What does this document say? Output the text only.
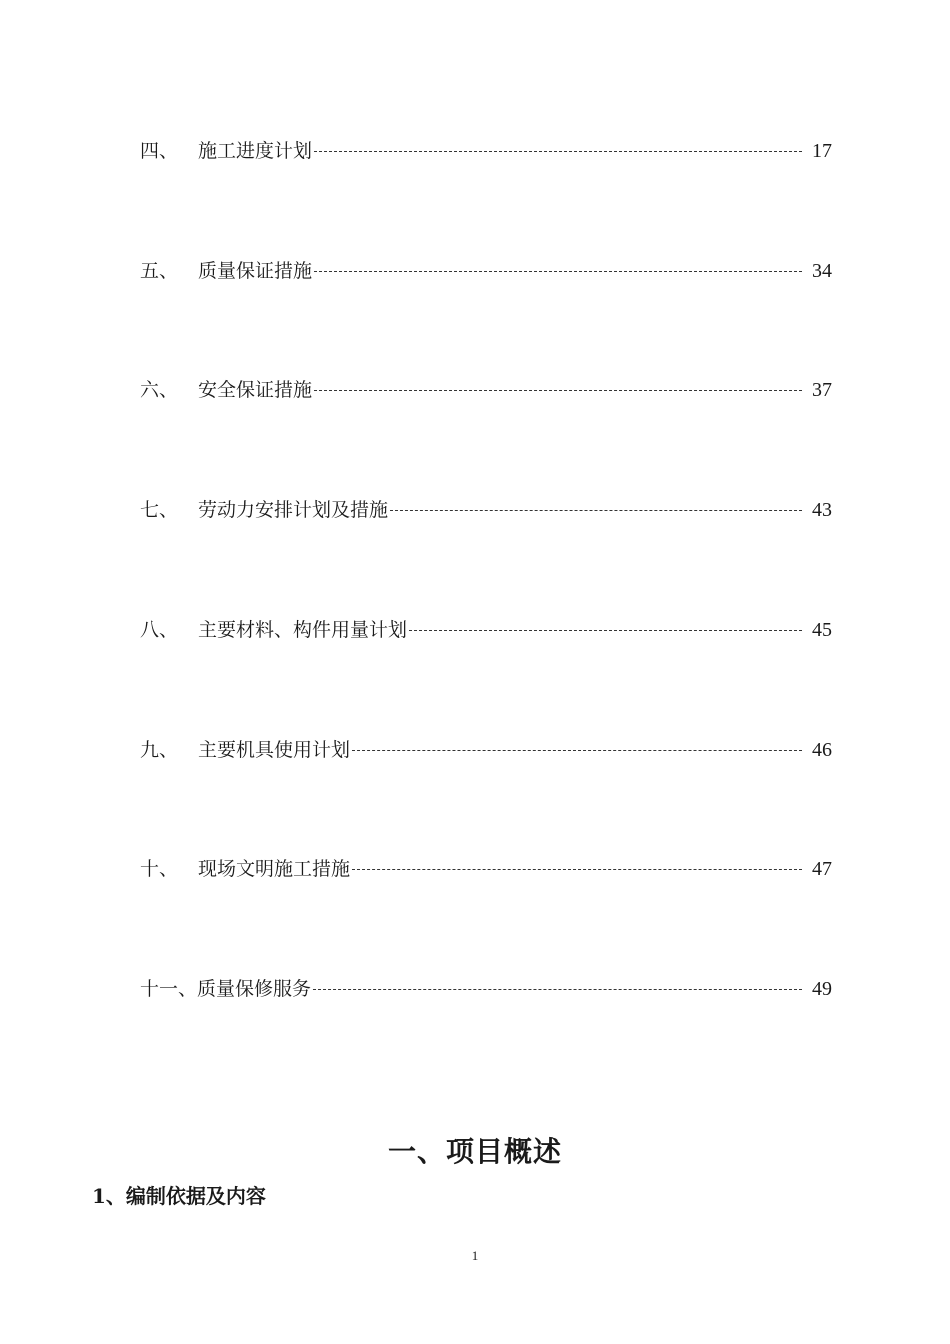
四、	施工进度计划	17
五、	质量保证措施	34
六、	安全保证措施	37
七、	劳动力安排计划及措施	43
八、	主要材料、构件用量计划	45
九、	主要机具使用计划	46
十、	现场文明施工措施	47
十一、 质量保修服务	49
一、项目概述
1、编制依据及内容
1
